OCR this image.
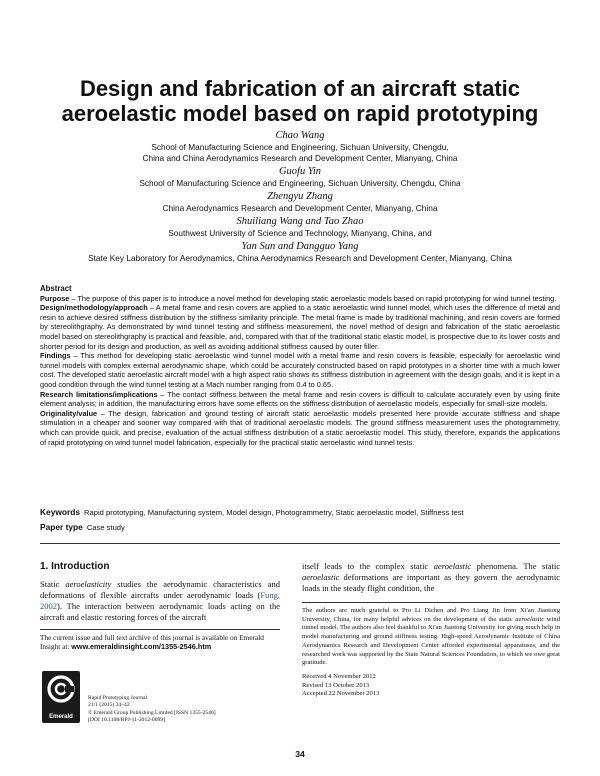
Design and fabrication of an aircraft static aeroelastic model based on rapid prototyping
Chao Wang
School of Manufacturing Science and Engineering, Sichuan University, Chengdu,
China and China Aerodynamics Research and Development Center, Mianyang, China
Guofu Yin
School of Manufacturing Science and Engineering, Sichuan University, Chengdu, China
Zhengyu Zhang
China Aerodynamics Research and Development Center, Mianyang, China
Shuiliang Wang and Tao Zhao
Southwest University of Science and Technology, Mianyang, China, and
Yan Sun and Dangguo Yang
State Key Laboratory for Aerodynamics, China Aerodynamics Research and Development Center, Mianyang, China
Abstract

Purpose – The purpose of this paper is to introduce a novel method for developing static aeroelastic models based on rapid prototyping for wind tunnel testing.

Design/methodology/approach – A metal frame and resin covers are applied to a static aeroelastic wind tunnel model, which uses the difference of metal and resin to achieve desired stiffness distribution by the stiffness similarity principle. The metal frame is made by traditional machining, and resin covers are formed by stereolithgraphy. As demonstrated by wind tunnel testing and stiffness measurement, the novel method of design and fabrication of the static aeroelastic model based on stereolithgraphy is practical and feasible, and, compared with that of the traditional static elastic model, is prospective due to its lower costs and shorter period for its design and production, as well as avoiding additional stiffness caused by outer filler.

Findings – This method for developing static aeroelastic wind tunnel model with a metal frame and resin covers is feasible, especially for aeroelastic wind tunnel models with complex external aerodynamic shape, which could be accurately constructed based on rapid prototypes in a shorter time with a much lower cost. The developed static aeroelastic aircraft model with a high aspect ratio shows its stiffness distribution in agreement with the design goals, and it is kept in a good condition through the wind tunnel testing at a Mach number ranging from 0.4 to 0.65.

Research limitations/implications – The contact stiffness between the metal frame and resin covers is difficult to calculate accurately even by using finite element analysis; in addition, the manufacturing errors have some effects on the stiffness distribution of aeroelastic models, especially for small-size models.

Originality/value – The design, fabrication and ground testing of aircraft static aeroelastic models presented here provide accurate stiffness and shape stimulation in a cheaper and sooner way compared with that of traditional aeroelastic models. The ground stiffness measurement uses the photogrammetry, which can provide quick, and precise, evaluation of the actual stiffness distribution of a static aeroelastic model. This study, therefore, expands the applications of rapid prototyping on wind tunnel model fabrication, especially for the practical static aeroelastic wind tunnel tests.

Keywords Rapid prototyping, Manufacturing system, Model design, Photogrammetry, Static aeroelastic model, Stiffness test
Paper type Case study
1. Introduction

Static aeroelasticity studies the aerodynamic characteristics and deformations of flexible aircrafts under aerodynamic loads (Fung, 2002). The interaction between aerodynamic loads acting on the aircraft and elastic restoring forces of the aircraft

The current issue and full text archive of this journal is available on Emerald Insight at: www.emeraldinsight.com/1355-2546.htm

Emerald
Rapid Prototyping Journal
21/1 (2015) 34–42
© Emerald Group Publishing Limited [ISSN 1355-2546]
[DOI 10.1108/RPJ-11-2012-0099]

itself leads to the complex static aeroelastic phenomena. The static aeroelastic deformations are important as they govern the aerodynamic loads in the steady flight condition, the

The authors are much grateful to Pro Li Dichen and Pro Liang Jin from Xi'an Jiaotong University, China, for many helpful advices on the development of the static aeroelastic wind tunnel model. The authors also feel thankful to Xi'an Jiaotong University for giving much help in model manufacturing and ground stiffness testing. High-speed Aerodynamic Institute of China Aerodynamics Research and Development Center afforded experimental apparatuses, and the researched work was supported by the State Natural Sciences Foundation, to which we owe great gratitude.

Received 4 November 2012
Revised 13 October 2013
Accepted 22 November 2013
34
